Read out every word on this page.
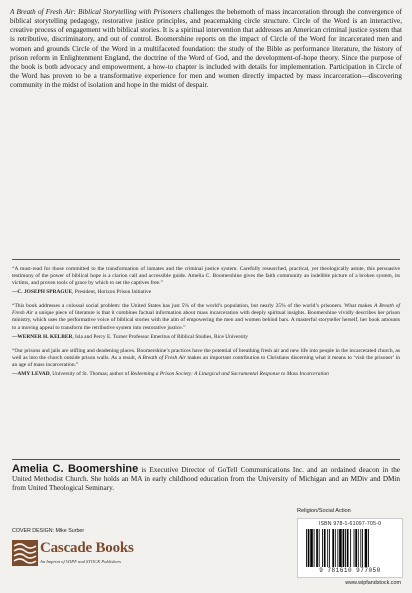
A Breath of Fresh Air: Biblical Storytelling with Prisoners challenges the behemoth of mass incarceration through the convergence of biblical storytelling pedagogy, restorative justice principles, and peacemaking circle structure. Circle of the Word is an interactive, creative process of engagement with biblical stories. It is a spiritual intervention that addresses an American criminal justice system that is retributive, discriminatory, and out of control. Boomershine reports on the impact of Circle of the Word for incarcerated men and women and grounds Circle of the Word in a multifaceted foundation: the study of the Bible as performance literature, the history of prison reform in Enlightenment England, the doctrine of the Word of God, and the development-of-hope theory. Since the purpose of the book is both advocacy and empowerment, a how-to chapter is included with details for implementation. Participation in Circle of the Word has proven to be a transformative experience for men and women directly impacted by mass incarceration—discovering community in the midst of isolation and hope in the midst of despair.

“A must-read for those committed to the transformation of inmates and the criminal justice system. Carefully researched, practical, yet theologically astute, this persuasive testimony of the power of biblical hope is a clarion call and accessible guide. Amelia C. Boomershine gives the faith community an indelible picture of a broken system, its victims, and proven tools of grace by which to set the captives free.”

—C. JOSEPH SPRAGUE, President, Horizon Prison Initiative

“This book addresses a colossal social problem: the United States has just 5% of the world’s population, but nearly 25% of the world’s prisoners. What makes A Breath of Fresh Air a unique piece of literature is that it combines factual information about mass incarceration with deeply spiritual insights. Boomershine vividly describes her prison ministry, which uses the performative voice of biblical stories with the aim of empowering the men and women behind bars. A masterful storyteller herself, her book amounts to a moving appeal to transform the retributive system into restorative justice.”

—WERNER H. KELBER, Isla and Percy E. Turner Professor Emeritus of Biblical Studies, Rice University

“Our prisons and jails are stifling and deadening places. Boomershine’s practices have the potential of breathing fresh air and new life into people in the incarcerated church, as well as into the church outside prison walls. As a result, A Breath of Fresh Air makes an important contribution to Christians discerning what it means to ‘visit the prisoner’ in an age of mass incarceration.”

—AMY LEVAD, University of St. Thomas; author of Redeeming a Prison Society: A Liturgical and Sacramental Response to Mass Incarceration

Amelia C. Boomershine is Executive Director of GoTell Communications Inc. and an ordained deacon in the United Methodist Church. She holds an MA in early childhood education from the University of Michigan and an MDiv and DMin from United Theological Seminary.

Religion/Social Action
ISBN 978-1-61097-705-0
9 781610 977050
COVER DESIGN: Mike Surber
Cascade Books
An Imprint of WIPF and STOCK Publishers
www.wipfandstock.com
